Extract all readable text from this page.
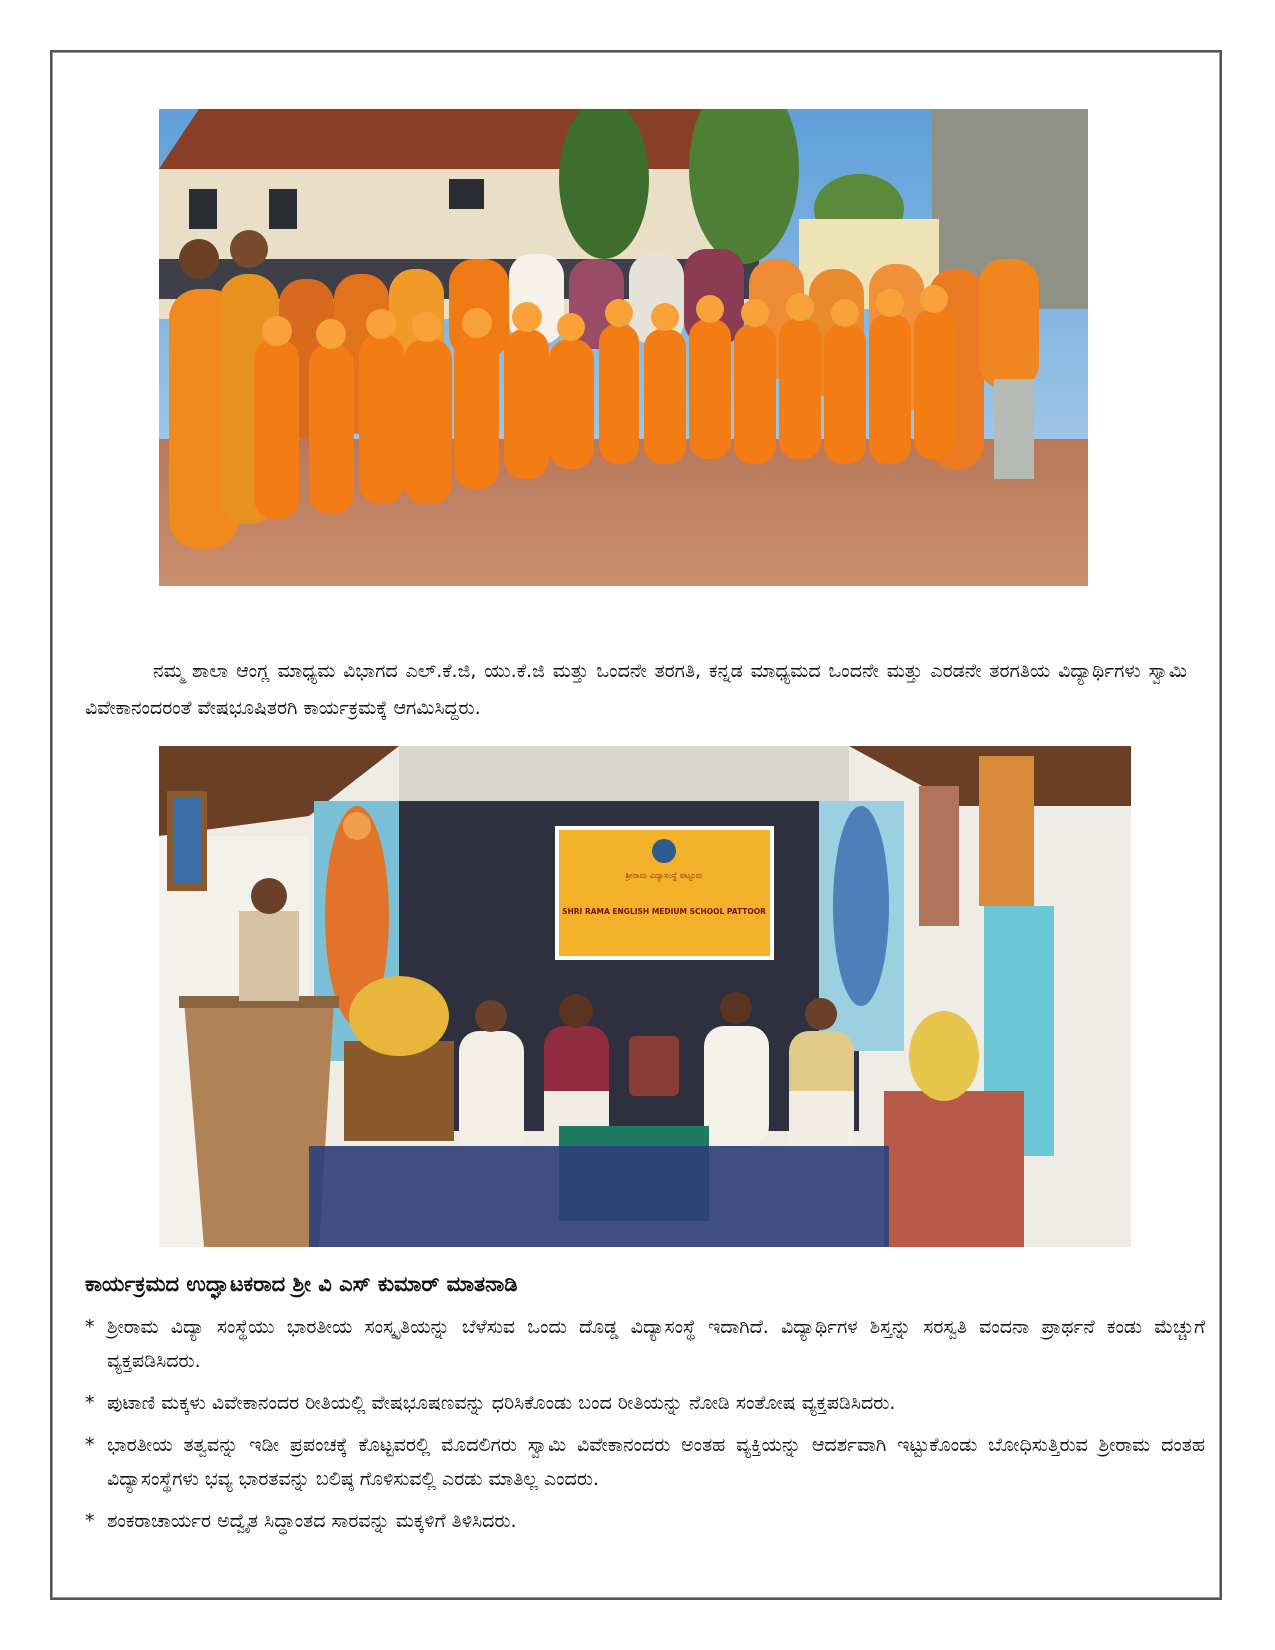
ನಮ್ಮ ಶಾಲಾ ಆಂಗ್ಲ ಮಾಧ್ಯಮ ವಿಭಾಗದ ಎಲ್.ಕೆ.ಜಿ, ಯು.ಕೆ.ಜಿ ಮತ್ತು ಒಂದನೇ ತರಗತಿ, ಕನ್ನಡ ಮಾಧ್ಯಮದ ಒಂದನೇ ಮತ್ತು ಎರಡನೇ ತರಗತಿಯ ವಿದ್ಯಾರ್ಥಿಗಳು ಸ್ವಾಮಿ ವಿವೇಕಾನಂದರಂತೆ ವೇಷಭೂಷಿತರಗಿ ಕಾರ್ಯಕ್ರಮಕ್ಕೆ ಆಗಮಿಸಿದ್ದರು.

ಶ್ರೀರಾಮ ವಿದ್ಯಾಸಂಸ್ಥೆ ಪಟ್ಟೂರು
SHRI RAMA ENGLISH MEDIUM SCHOOL PATTOOR
ಕಾರ್ಯಕ್ರಮದ ಉದ್ಘಾಟಕರಾದ ಶ್ರೀ ವಿ ಎಸ್ ಕುಮಾರ್ ಮಾತನಾಡಿ
* ಶ್ರೀರಾಮ ವಿದ್ಯಾ ಸಂಸ್ಥೆಯು ಭಾರತೀಯ ಸಂಸ್ಕೃತಿಯನ್ನು ಬೆಳೆಸುವ ಒಂದು ದೊಡ್ಡ ವಿದ್ಯಾಸಂಸ್ಥೆ ಇದಾಗಿದೆ. ವಿದ್ಯಾರ್ಥಿಗಳ ಶಿಸ್ತನ್ನು ಸರಸ್ವತಿ ವಂದನಾ ಪ್ರಾರ್ಥನೆ ಕಂಡು ಮೆಚ್ಚುಗೆ ವ್ಯಕ್ತಪಡಿಸಿದರು.
* ಪುಟಾಣಿ ಮಕ್ಕಳು ವಿವೇಕಾನಂದರ ರೀತಿಯಲ್ಲಿ ವೇಷಭೂಷಣವನ್ನು ಧರಿಸಿಕೊಂಡು ಬಂದ ರೀತಿಯನ್ನು ನೋಡಿ ಸಂತೋಷ ವ್ಯಕ್ತಪಡಿಸಿದರು.
* ಭಾರತೀಯ ತತ್ವವನ್ನು ಇಡೀ ಪ್ರಪಂಚಕ್ಕೆ ಕೊಟ್ಟವರಲ್ಲಿ ಮೊದಲಿಗರು ಸ್ವಾಮಿ ವಿವೇಕಾನಂದರು ಅಂತಹ ವ್ಯಕ್ತಿಯನ್ನು ಆದರ್ಶವಾಗಿ ಇಟ್ಟುಕೊಂಡು ಬೋಧಿಸುತ್ತಿರುವ ಶ್ರೀರಾಮ ದಂತಹ ವಿದ್ಯಾಸಂಸ್ಥೆಗಳು ಭವ್ಯ ಭಾರತವನ್ನು ಬಲಿಷ್ಠ ಗೊಳಿಸುವಲ್ಲಿ ಎರಡು ಮಾತಿಲ್ಲ ಎಂದರು.
* ಶಂಕರಾಚಾರ್ಯರ ಅದ್ವೈತ ಸಿದ್ಧಾಂತದ ಸಾರವನ್ನು ಮಕ್ಕಳಿಗೆ ತಿಳಿಸಿದರು.
